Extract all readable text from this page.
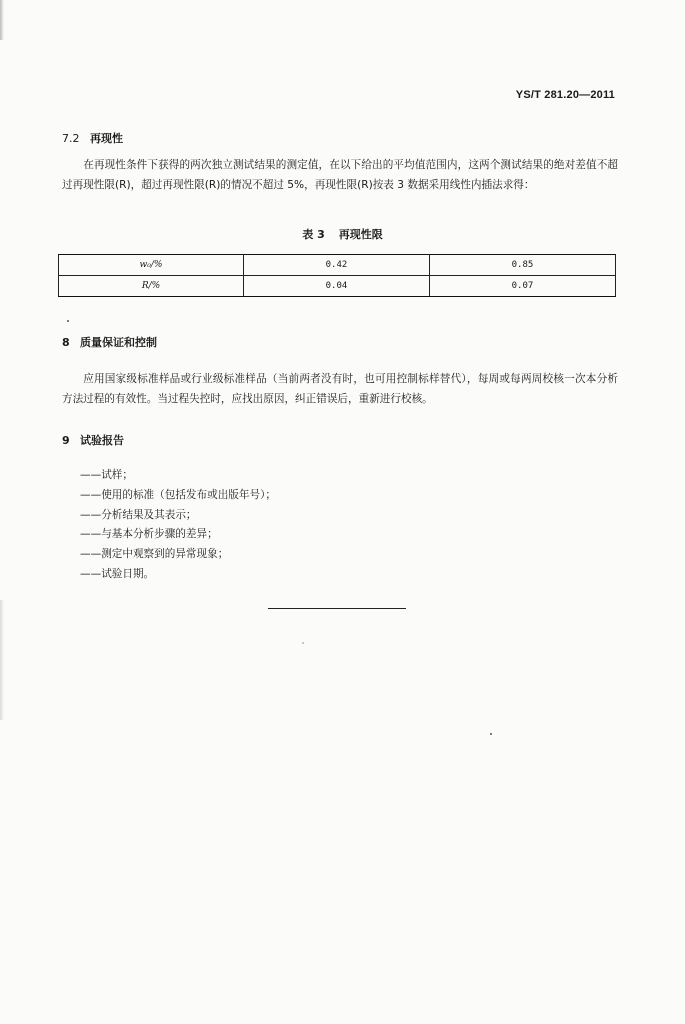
YS/T 281.20—2011
7.2 再现性

在再现性条件下获得的两次独立测试结果的测定值，在以下给出的平均值范围内，这两个测试结果的绝对差值不超过再现性限(R)，超过再现性限(R)的情况不超过 5%，再现性限(R)按表 3 数据采用线性内插法求得：

表 3 再现性限
w₀/%	0.42	0.85
R/%	0.04	0.07
8 质量保证和控制

应用国家级标准样品或行业级标准样品（当前两者没有时，也可用控制标样替代），每周或每两周校核一次本分析方法过程的有效性。当过程失控时，应找出原因，纠正错误后，重新进行校核。

9 试验报告
——试样；
——使用的标准（包括发布或出版年号）；
——分析结果及其表示；
——与基本分析步骤的差异；
——测定中观察到的异常现象；
——试验日期。
